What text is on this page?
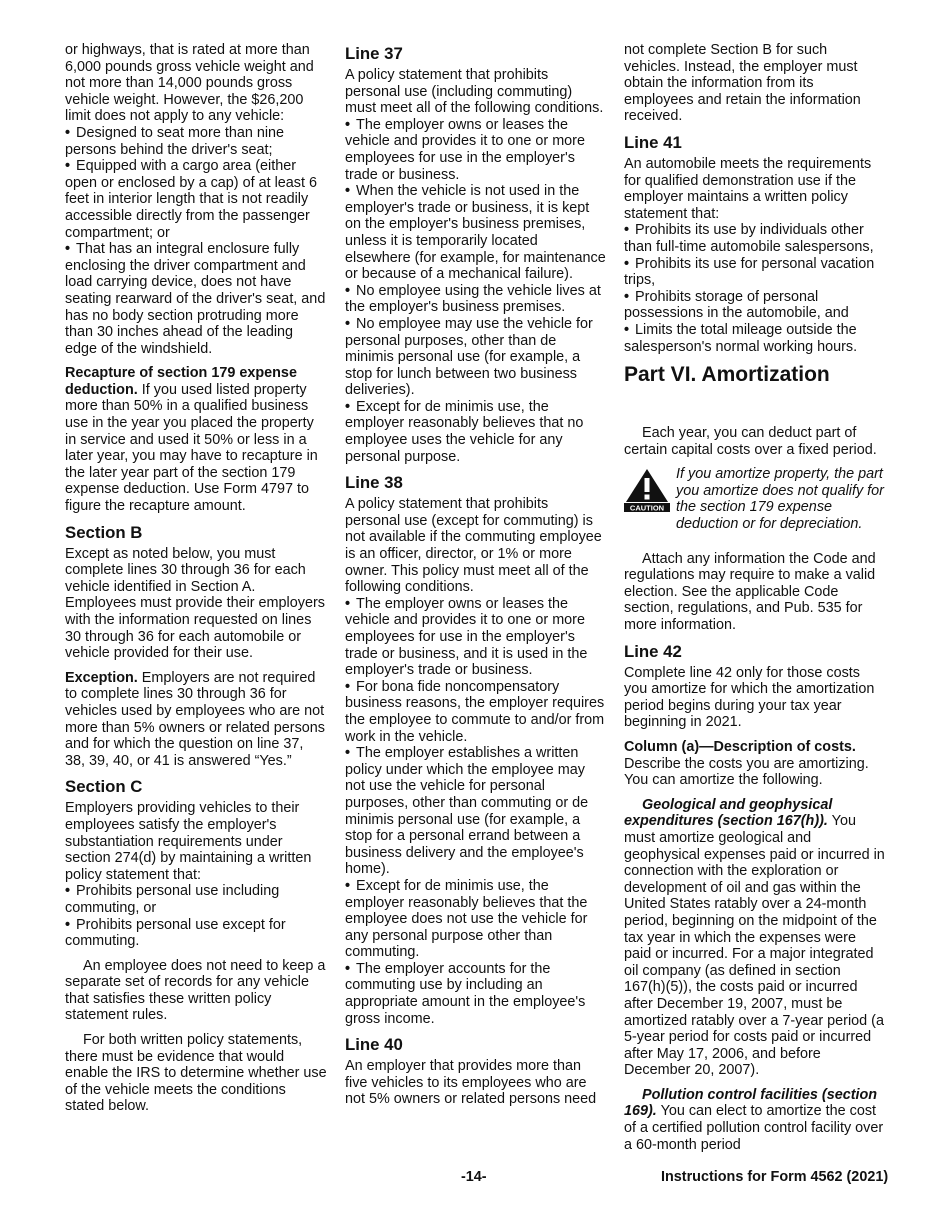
or highways, that is rated at more than 6,000 pounds gross vehicle weight and not more than 14,000 pounds gross vehicle weight. However, the $26,200 limit does not apply to any vehicle:

• Designed to seat more than nine persons behind the driver's seat;

• Equipped with a cargo area (either open or enclosed by a cap) of at least 6 feet in interior length that is not readily accessible directly from the passenger compartment; or

• That has an integral enclosure fully enclosing the driver compartment and load carrying device, does not have seating rearward of the driver's seat, and has no body section protruding more than 30 inches ahead of the leading edge of the windshield.

Recapture of section 179 expense deduction. If you used listed property more than 50% in a qualified business use in the year you placed the property in service and used it 50% or less in a later year, you may have to recapture in the later year part of the section 179 expense deduction. Use Form 4797 to figure the recapture amount.

Section B

Except as noted below, you must complete lines 30 through 36 for each vehicle identified in Section A. Employees must provide their employers with the information requested on lines 30 through 36 for each automobile or vehicle provided for their use.

Exception. Employers are not required to complete lines 30 through 36 for vehicles used by employees who are not more than 5% owners or related persons and for which the question on line 37, 38, 39, 40, or 41 is answered “Yes.”

Section C

Employers providing vehicles to their employees satisfy the employer's substantiation requirements under section 274(d) by maintaining a written policy statement that:

• Prohibits personal use including commuting, or

• Prohibits personal use except for commuting.

An employee does not need to keep a separate set of records for any vehicle that satisfies these written policy statement rules.

For both written policy statements, there must be evidence that would enable the IRS to determine whether use of the vehicle meets the conditions stated below.

Line 37

A policy statement that prohibits personal use (including commuting) must meet all of the following conditions.

• The employer owns or leases the vehicle and provides it to one or more employees for use in the employer's trade or business.

• When the vehicle is not used in the employer's trade or business, it is kept on the employer's business premises, unless it is temporarily located elsewhere (for example, for maintenance or because of a mechanical failure).

• No employee using the vehicle lives at the employer's business premises.

• No employee may use the vehicle for personal purposes, other than de minimis personal use (for example, a stop for lunch between two business deliveries).

• Except for de minimis use, the employer reasonably believes that no employee uses the vehicle for any personal purpose.

Line 38

A policy statement that prohibits personal use (except for commuting) is not available if the commuting employee is an officer, director, or 1% or more owner. This policy must meet all of the following conditions.

• The employer owns or leases the vehicle and provides it to one or more employees for use in the employer's trade or business, and it is used in the employer's trade or business.

• For bona fide noncompensatory business reasons, the employer requires the employee to commute to and/or from work in the vehicle.

• The employer establishes a written policy under which the employee may not use the vehicle for personal purposes, other than commuting or de minimis personal use (for example, a stop for a personal errand between a business delivery and the employee's home).

• Except for de minimis use, the employer reasonably believes that the employee does not use the vehicle for any personal purpose other than commuting.

• The employer accounts for the commuting use by including an appropriate amount in the employee's gross income.

Line 40

An employer that provides more than five vehicles to its employees who are not 5% owners or related persons need

not complete Section B for such vehicles. Instead, the employer must obtain the information from its employees and retain the information received.

Line 41

An automobile meets the requirements for qualified demonstration use if the employer maintains a written policy statement that:

• Prohibits its use by individuals other than full-time automobile salespersons,

• Prohibits its use for personal vacation trips,

• Prohibits storage of personal possessions in the automobile, and

• Limits the total mileage outside the salesperson's normal working hours.

Part VI. Amortization

Each year, you can deduct part of certain capital costs over a fixed period.

CAUTION

If you amortize property, the part you amortize does not qualify for the section 179 expense deduction or for depreciation.

Attach any information the Code and regulations may require to make a valid election. See the applicable Code section, regulations, and Pub. 535 for more information.

Line 42

Complete line 42 only for those costs you amortize for which the amortization period begins during your tax year beginning in 2021.

Column (a)—Description of costs. Describe the costs you are amortizing. You can amortize the following.

Geological and geophysical expenditures (section 167(h)). You must amortize geological and geophysical expenses paid or incurred in connection with the exploration or development of oil and gas within the United States ratably over a 24-month period, beginning on the midpoint of the tax year in which the expenses were paid or incurred. For a major integrated oil company (as defined in section 167(h)(5)), the costs paid or incurred after December 19, 2007, must be amortized ratably over a 7-year period (a 5-year period for costs paid or incurred after May 17, 2006, and before December 20, 2007).

Pollution control facilities (section 169). You can elect to amortize the cost of a certified pollution control facility over a 60-month period

-14-	Instructions for Form 4562 (2021)
